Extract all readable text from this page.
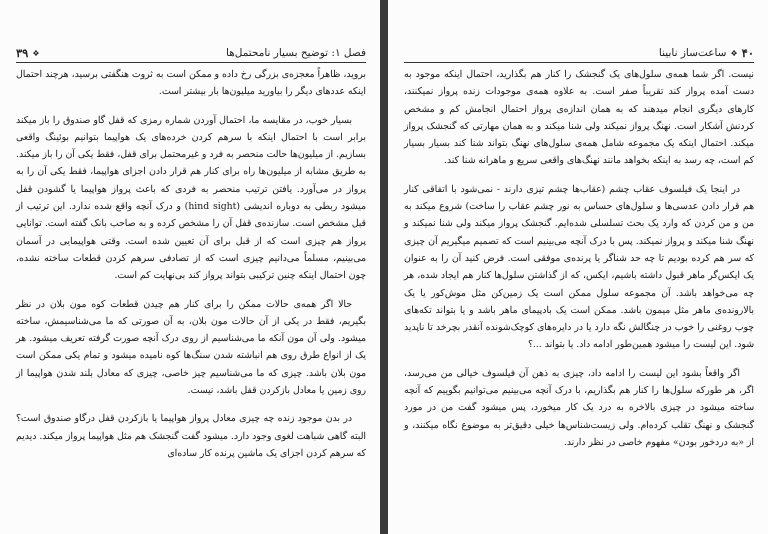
فصل ۱: توضیح بسیار نامحتمل‌ها
❖
۳۹

بروید، ظاهراً معجزه‌ی بزرگی رخ داده و ممکن است به ثروت هنگفتی برسید، هرچند احتمال اینکه عددهای دیگر را بیاورید میلیون‌ها بار بیشتر است.

بسیار خوب، در مقایسه ما، احتمال آوردن شماره رمزی که قفل گاو صندوق را باز میکند برابر است با احتمال اینکه با سرهم کردن خرده‌های یک هواپیما بتوانیم بوئینگ واقعی بسازیم. از میلیون‌ها حالت منحصر به فرد و غیرمحتمل برای قفل، فقط یکی آن را باز میکند. به طریق مشابه از میلیون‌ها راه برای کنار هم قرار دادن اجزای هواپیما، فقط یکی آن را به پرواز در می‌آورد. یافتن ترتیب منحصر به فردی که باعث پرواز هواپیما یا گشودن قفل میشود ربطی به دوباره اندیشی (hind sight) و درک آنچه واقع شده ندارد. این ترتیب از قبل مشخص است. سازنده‌ی قفل آن را مشخص کرده و به صاحب بانک گفته است. توانایی پرواز هم چیزی است که از قبل برای آن تعیین شده است. وقتی هواپیمایی در آسمان می‌بینیم، مسلماً می‌دانیم چیزی است که از تصادفی سرهم کردن قطعات ساخته نشده، چون احتمال اینکه چنین ترکیبی بتواند پرواز کند بی‌نهایت کم است.

حالا اگر همه‌ی حالات ممکن را برای کنار هم چیدن قطعات کوه مون بلان در نظر بگیریم، فقط در یکی از آن حالات مون بلان، به آن صورتی که ما می‌شناسیمش، ساخته میشود. ولی آن مون آنکه ما می‌شناسیم از روی درک آنچه صورت گرفته تعریف میشود. هر یک از انواع طرق روی هم انباشته شدن سنگ‌ها کوه نامیده میشود و تمام یکی ممکن است مون بلان باشد. چیزی که ما می‌شناسیم چیز خاصی، چیزی که معادل بلند شدن هواپیما از روی زمین یا معادل بازکردن قفل باشد، نیست.

در بدن موجود زنده چه چیزی معادل پرواز هواپیما یا بازکردن قفل درگاو صندوق است؟ البته گاهی شباهت لغوی وجود دارد. میشود گفت گنجشک هم مثل هواپیما پرواز میکند. دیدیم که سرهم کردن اجزای یک ماشین پرنده کار ساده‌ای

۴۰
❖
ساعت‌ساز نابینا

نیست. اگر شما همه‌ی سلول‌های یک گنجشک را کنار هم بگذارید، احتمال اینکه موجود به دست آمده پرواز کند تقریباً صفر است. به علاوه همه‌ی موجودات زنده پرواز نمیکنند، کارهای دیگری انجام میدهند که به همان اندازه‌ی پرواز احتمال انجامش کم و مشخص کردنش آشکار است. نهنگ پرواز نمیکند ولی شنا میکند و به همان مهارتی که گنجشک پرواز میکند. احتمال اینکه یک مجموعه شامل همه‌ی سلول‌های نهنگ بتواند شنا کند بسیار بسیار کم است، چه رسد به اینکه بخواهد مانند نهنگ‌های واقعی سریع و ماهرانه شنا کند.

در اینجا یک فیلسوف عقاب چشم (عقاب‌ها چشم تیزی دارند - نمی‌شود با اتفاقی کنار هم قرار دادن عدسی‌ها و سلول‌های حساس به نور چشم عقاب را ساخت) شروع میکند به من و من کردن که وارد یک بحث تسلسلی شده‌ایم. گنجشک پرواز میکند ولی شنا نمیکند و نهنگ شنا میکند و پرواز نمیکند. پس با درک آنچه می‌بینیم است که تصمیم میگیریم آن چیزی که سر هم کرده بودیم تا چه حد شناگر یا پرنده‌ی موفقی است. فرض کنید آن را به عنوان یک ایکس‌گر ماهر قبول داشته باشیم، ایکس، که از گذاشتن سلول‌ها کنار هم ایجاد شده، هر چه می‌خواهد باشد. آن مجموعه سلول ممکن است یک زمین‌کن مثل موش‌کور یا یک بالارونده‌ی ماهر مثل میمون باشد. ممکن است یک بادپیمای ماهر باشد و یا بتواند تکه‌های چوب روغنی را خوب در چنگالش نگه دارد یا در دایره‌های کوچک‌شونده آنقدر بچرخد تا ناپدید شود. این لیست را میشود همین‌طور ادامه داد. یا بتواند ...؟

اگر واقعاً بشود این لیست را ادامه داد، چیزی به ذهن آن فیلسوف خیالی من می‌رسد، اگر، هر طورکه سلول‌ها را کنار هم بگذاریم، با درک آنچه می‌بینیم می‌توانیم بگوییم که آنچه ساخته میشود در چیزی بالاخره به درد یک کار میخورد، پس میشود گفت من در مورد گنجشک و نهنگ تقلب کرده‌ام. ولی زیست‌شناس‌ها خیلی دقیق‌تر به موضوع نگاه میکنند، و از «به دردخور بودن» مفهوم خاصی در نظر دارند.
